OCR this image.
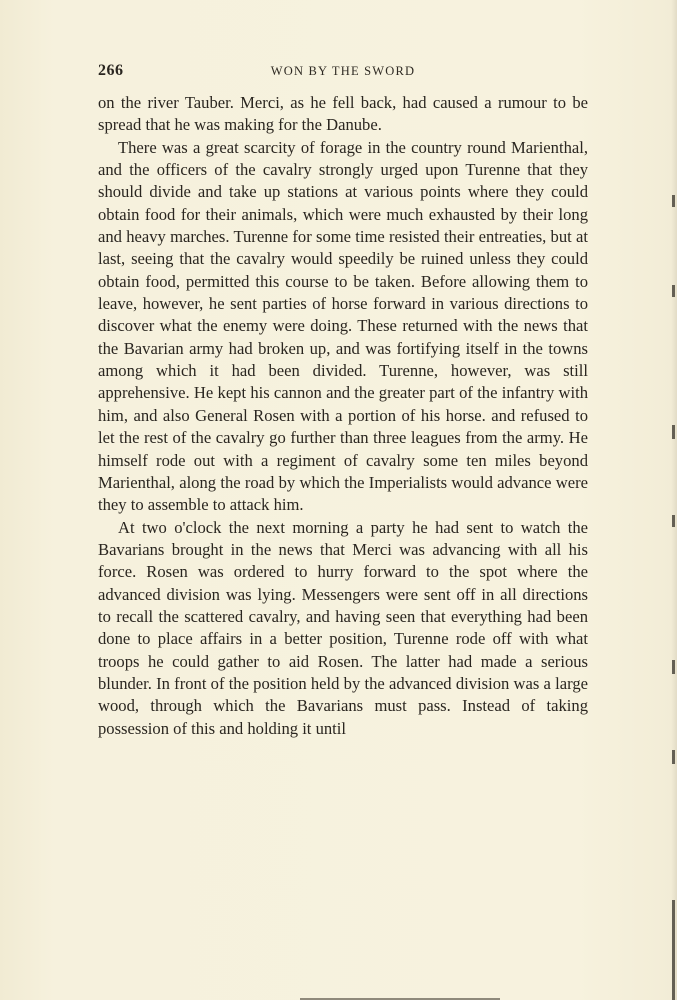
266	WON BY THE SWORD

on the river Tauber. Merci, as he fell back, had caused a rumour to be spread that he was making for the Danube.

There was a great scarcity of forage in the country round Marienthal, and the officers of the cavalry strongly urged upon Turenne that they should divide and take up stations at various points where they could obtain food for their animals, which were much exhausted by their long and heavy marches. Turenne for some time resisted their entreaties, but at last, seeing that the cavalry would speedily be ruined unless they could obtain food, permitted this course to be taken. Before allowing them to leave, however, he sent parties of horse forward in various directions to discover what the enemy were doing. These returned with the news that the Bavarian army had broken up, and was fortifying itself in the towns among which it had been divided. Turenne, however, was still apprehensive. He kept his cannon and the greater part of the infantry with him, and also General Rosen with a portion of his horse. and refused to let the rest of the cavalry go further than three leagues from the army. He himself rode out with a regiment of cavalry some ten miles beyond Marienthal, along the road by which the Imperialists would advance were they to assemble to attack him.

At two o'clock the next morning a party he had sent to watch the Bavarians brought in the news that Merci was advancing with all his force. Rosen was ordered to hurry forward to the spot where the advanced division was lying. Messengers were sent off in all directions to recall the scattered cavalry, and having seen that everything had been done to place affairs in a better position, Turenne rode off with what troops he could gather to aid Rosen. The latter had made a serious blunder. In front of the position held by the advanced division was a large wood, through which the Bavarians must pass. Instead of taking possession of this and holding it until
